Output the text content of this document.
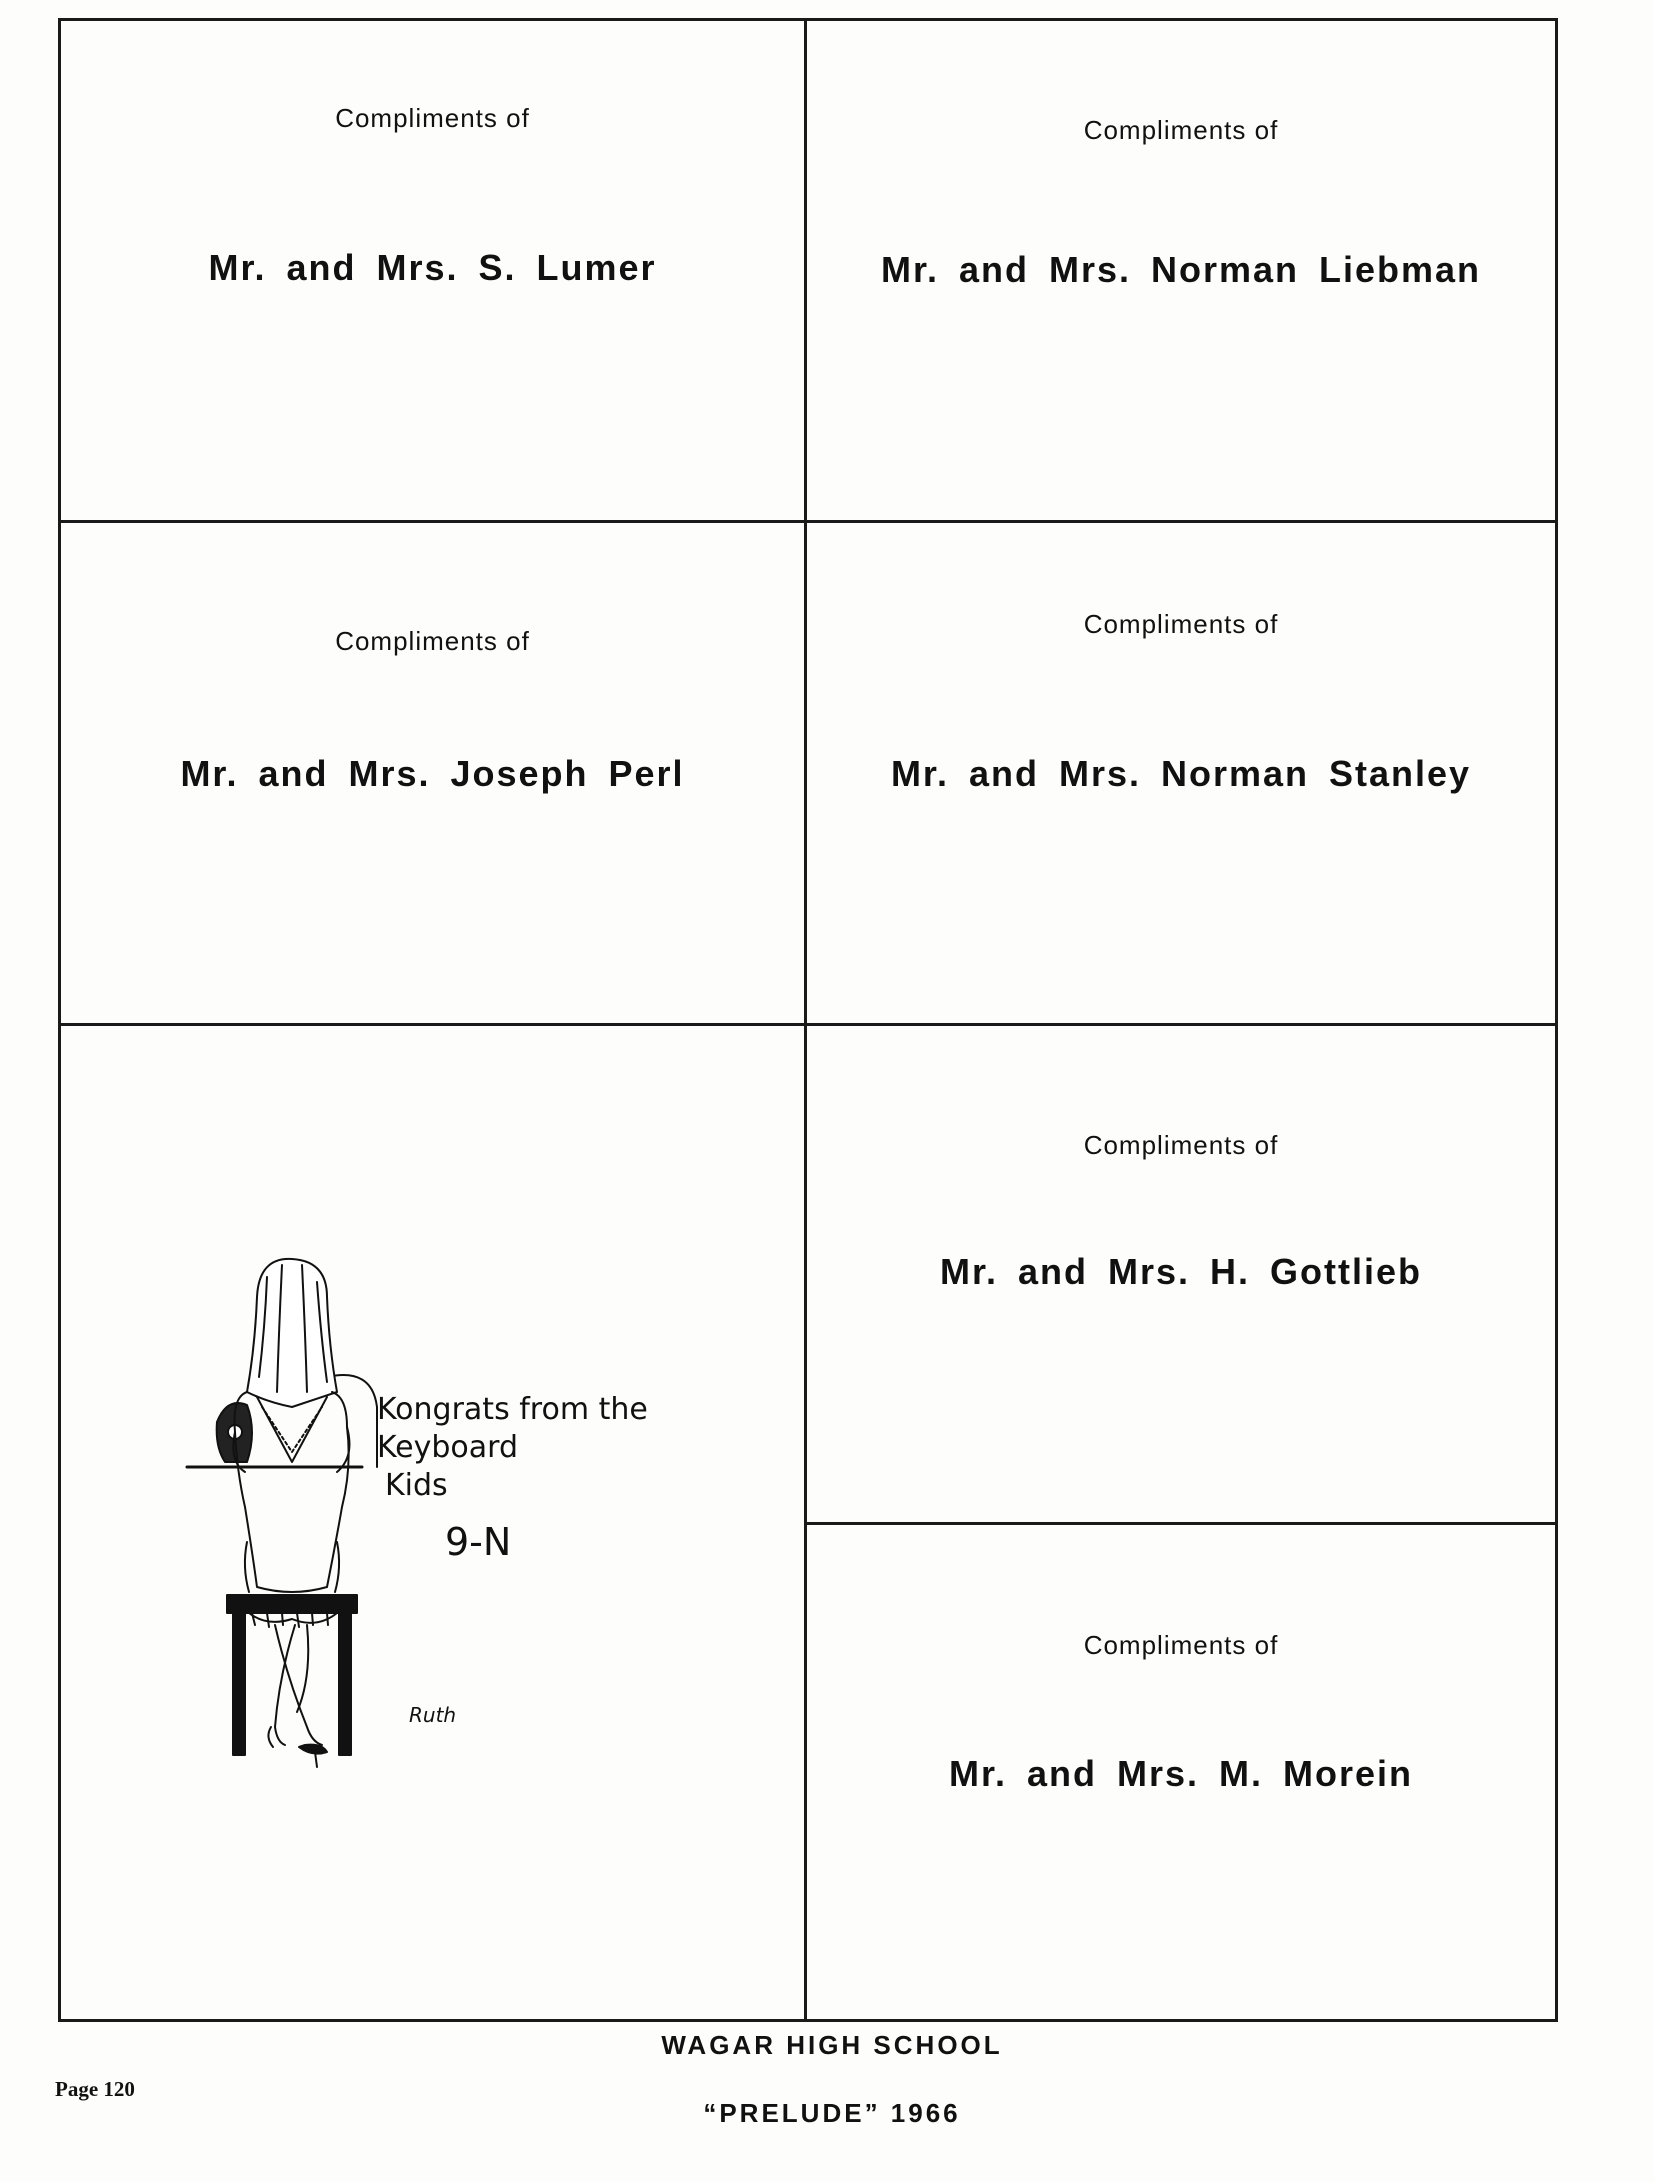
Compliments of
Mr. and Mrs. S. Lumer
Compliments of
Mr. and Mrs. Norman Liebman
Compliments of
Mr. and Mrs. Joseph Perl
Compliments of
Mr. and Mrs. Norman Stanley
Kongrats from the
Keyboard
Kids
9-N
Ruth
Compliments of
Mr. and Mrs. H. Gottlieb
Compliments of
Mr. and Mrs. M. Morein
WAGAR HIGH SCHOOL
“PRELUDE” 1966
Page 120
